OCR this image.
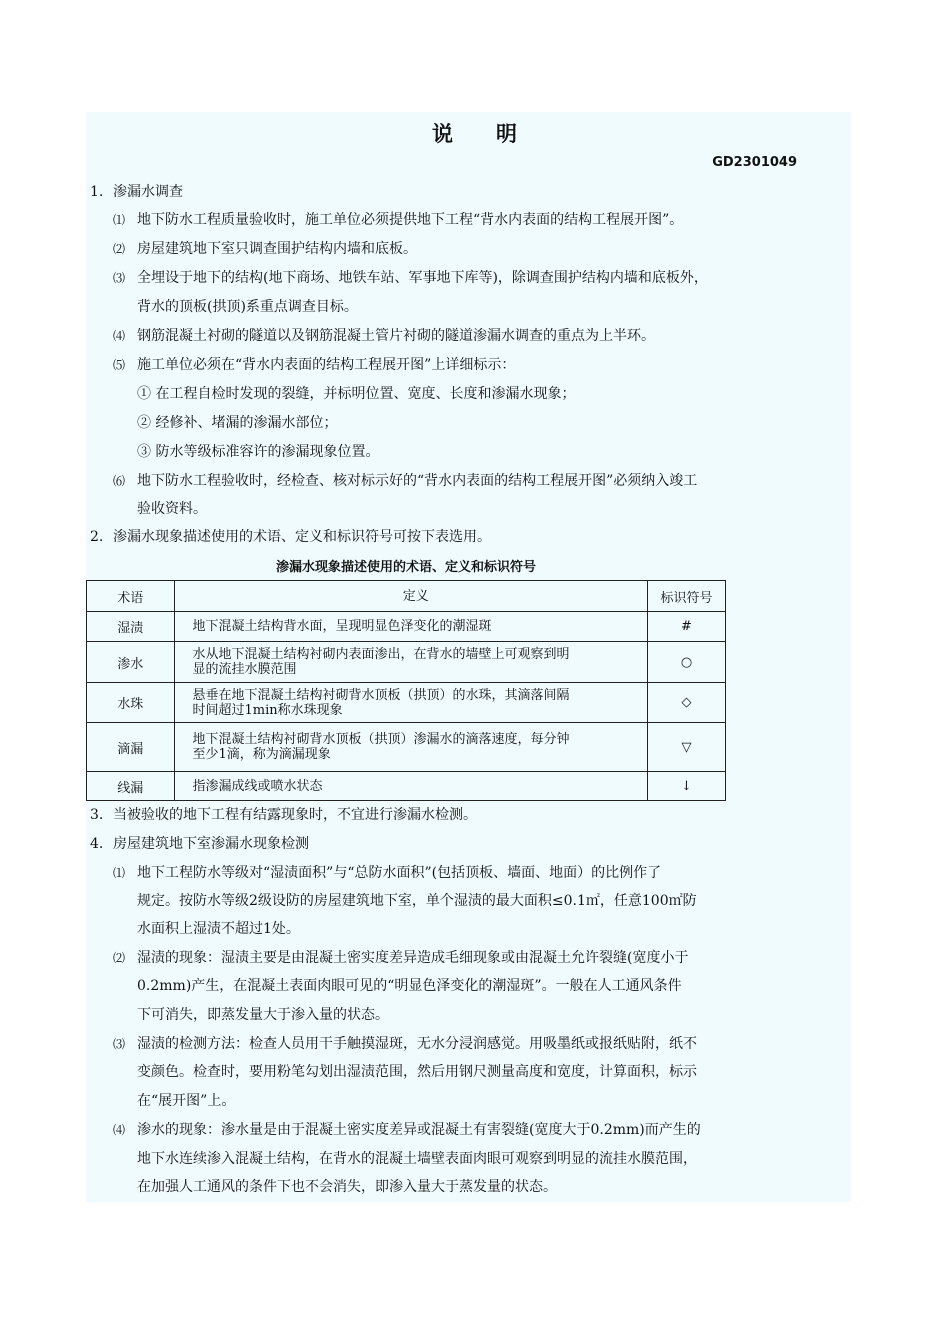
说 明
GD2301049
1. 渗漏水调查
⑴ 地下防水工程质量验收时，施工单位必须提供地下工程“背水内表面的结构工程展开图”。
⑵ 房屋建筑地下室只调查围护结构内墙和底板。
⑶ 全埋设于地下的结构(地下商场、地铁车站、军事地下库等)，除调查围护结构内墙和底板外，
背水的顶板(拱顶)系重点调查目标。
⑷ 钢筋混凝土衬砌的隧道以及钢筋混凝土管片衬砌的隧道渗漏水调查的重点为上半环。
⑸ 施工单位必须在“背水内表面的结构工程展开图”上详细标示：
① 在工程自检时发现的裂缝，并标明位置、宽度、长度和渗漏水现象；
② 经修补、堵漏的渗漏水部位；
③ 防水等级标准容许的渗漏现象位置。
⑹ 地下防水工程验收时，经检查、核对标示好的“背水内表面的结构工程展开图”必须纳入竣工
验收资料。
2. 渗漏水现象描述使用的术语、定义和标识符号可按下表选用。
渗漏水现象描述使用的术语、定义和标识符号
术语	定义	标识符号
湿渍	地下混凝土结构背水面，呈现明显色泽变化的潮湿斑	#
渗水	水从地下混凝土结构衬砌内表面渗出，在背水的墙壁上可观察到明
显的流挂水膜范围	○
水珠	悬垂在地下混凝土结构衬砌背水顶板（拱顶）的水珠，其滴落间隔
时间超过1min称水珠现象	◇
滴漏	地下混凝土结构衬砌背水顶板（拱顶）渗漏水的滴落速度，每分钟
至少1滴，称为滴漏现象	▽
线漏	指渗漏成线或喷水状态	↓
3. 当被验收的地下工程有结露现象时，不宜进行渗漏水检测。
4. 房屋建筑地下室渗漏水现象检测
⑴ 地下工程防水等级对“湿渍面积”与“总防水面积”(包括顶板、墙面、地面）的比例作了
规定。按防水等级2级设防的房屋建筑地下室，单个湿渍的最大面积≤0.1㎡，任意100㎡防
水面积上湿渍不超过1处。
⑵ 湿渍的现象：湿渍主要是由混凝土密实度差异造成毛细现象或由混凝土允许裂缝(宽度小于
0.2mm)产生，在混凝土表面肉眼可见的“明显色泽变化的潮湿斑”。一般在人工通风条件
下可消失，即蒸发量大于渗入量的状态。
⑶ 湿渍的检测方法：检查人员用干手触摸湿斑，无水分浸润感觉。用吸墨纸或报纸贴附，纸不
变颜色。检查时，要用粉笔勾划出湿渍范围，然后用钢尺测量高度和宽度，计算面积，标示
在“展开图”上。
⑷ 渗水的现象：渗水量是由于混凝土密实度差异或混凝土有害裂缝(宽度大于0.2mm)而产生的
地下水连续渗入混凝土结构，在背水的混凝土墙壁表面肉眼可观察到明显的流挂水膜范围，
在加强人工通风的条件下也不会消失，即渗入量大于蒸发量的状态。
